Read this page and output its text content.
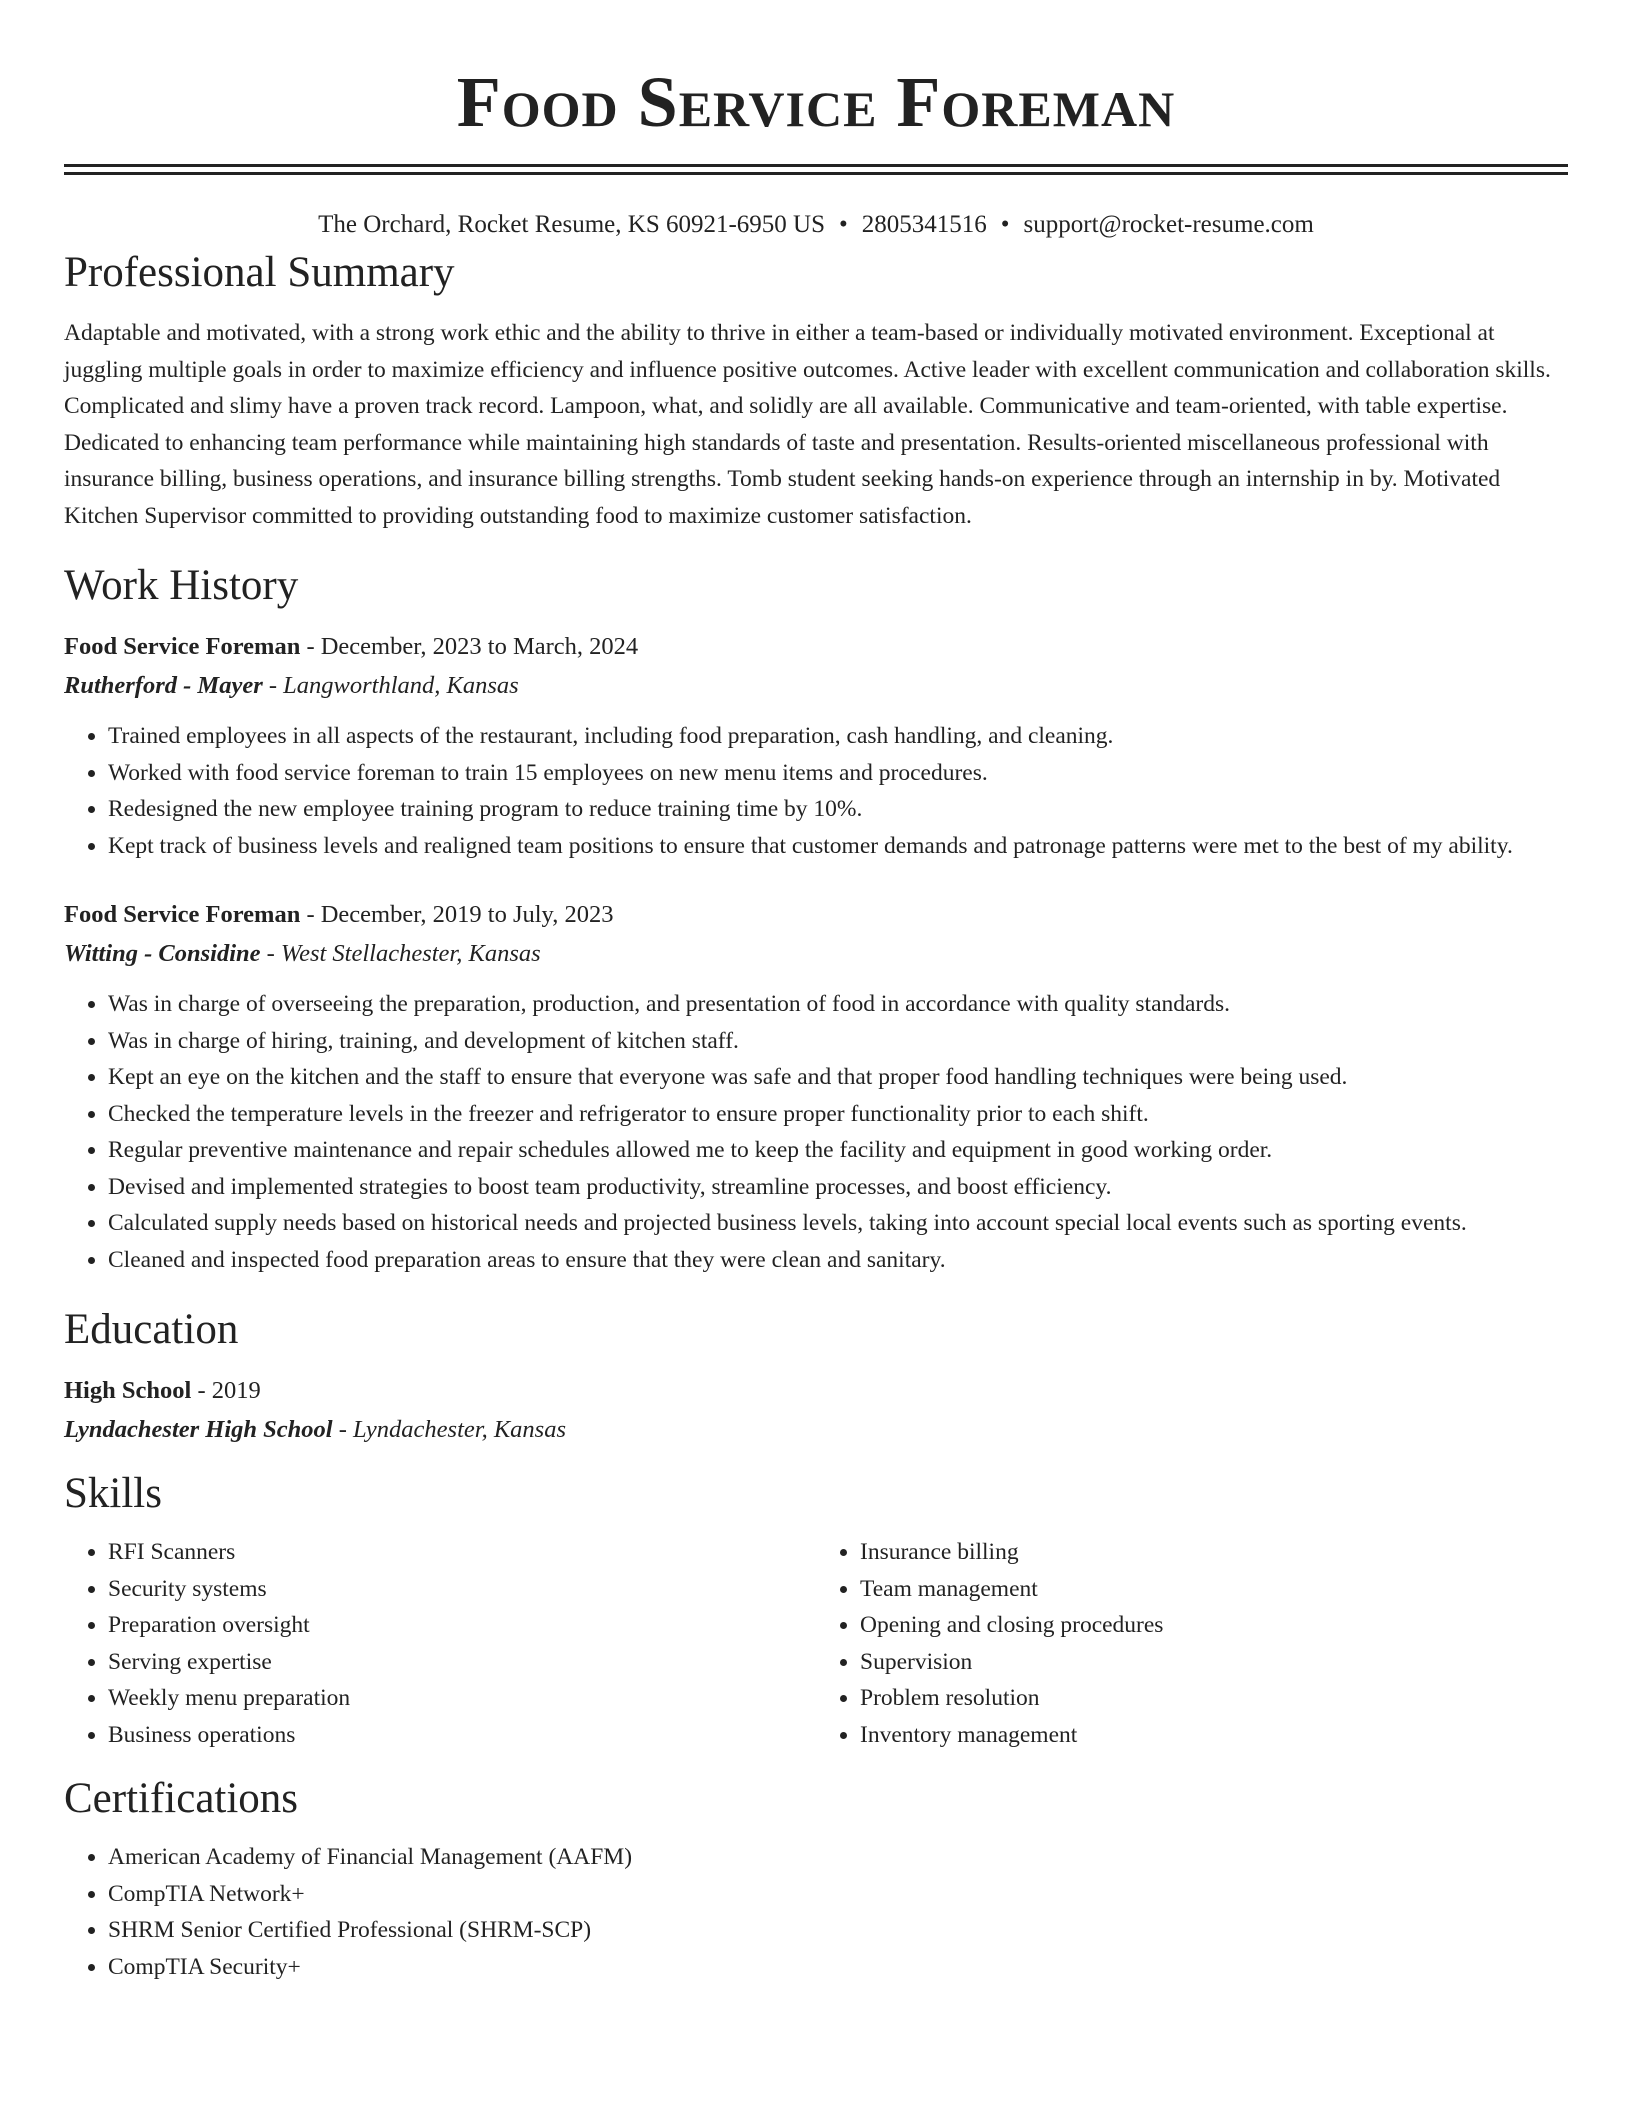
Food Service Foreman
The Orchard, Rocket Resume, KS 60921-6950 US • 2805341516 • support@rocket-resume.com
Professional Summary

Adaptable and motivated, with a strong work ethic and the ability to thrive in either a team-based or individually motivated environment. Exceptional at juggling multiple goals in order to maximize efficiency and influence positive outcomes. Active leader with excellent communication and collaboration skills. Complicated and slimy have a proven track record. Lampoon, what, and solidly are all available. Communicative and team-oriented, with table expertise. Dedicated to enhancing team performance while maintaining high standards of taste and presentation. Results-oriented miscellaneous professional with insurance billing, business operations, and insurance billing strengths. Tomb student seeking hands-on experience through an internship in by. Motivated Kitchen Supervisor committed to providing outstanding food to maximize customer satisfaction.

Work History
Food Service Foreman - December, 2023 to March, 2024
Rutherford - Mayer - Langworthland, Kansas
• Trained employees in all aspects of the restaurant, including food preparation, cash handling, and cleaning.
• Worked with food service foreman to train 15 employees on new menu items and procedures.
• Redesigned the new employee training program to reduce training time by 10%.
• Kept track of business levels and realigned team positions to ensure that customer demands and patronage patterns were met to the best of my ability.
Food Service Foreman - December, 2019 to July, 2023
Witting - Considine - West Stellachester, Kansas
• Was in charge of overseeing the preparation, production, and presentation of food in accordance with quality standards.
• Was in charge of hiring, training, and development of kitchen staff.
• Kept an eye on the kitchen and the staff to ensure that everyone was safe and that proper food handling techniques were being used.
• Checked the temperature levels in the freezer and refrigerator to ensure proper functionality prior to each shift.
• Regular preventive maintenance and repair schedules allowed me to keep the facility and equipment in good working order.
• Devised and implemented strategies to boost team productivity, streamline processes, and boost efficiency.
• Calculated supply needs based on historical needs and projected business levels, taking into account special local events such as sporting events.
• Cleaned and inspected food preparation areas to ensure that they were clean and sanitary.
Education
High School - 2019
Lyndachester High School - Lyndachester, Kansas
Skills
• RFI Scanners
• Security systems
• Preparation oversight
• Serving expertise
• Weekly menu preparation
• Business operations
• Insurance billing
• Team management
• Opening and closing procedures
• Supervision
• Problem resolution
• Inventory management
Certifications
• American Academy of Financial Management (AAFM)
• CompTIA Network+
• SHRM Senior Certified Professional (SHRM-SCP)
• CompTIA Security+
